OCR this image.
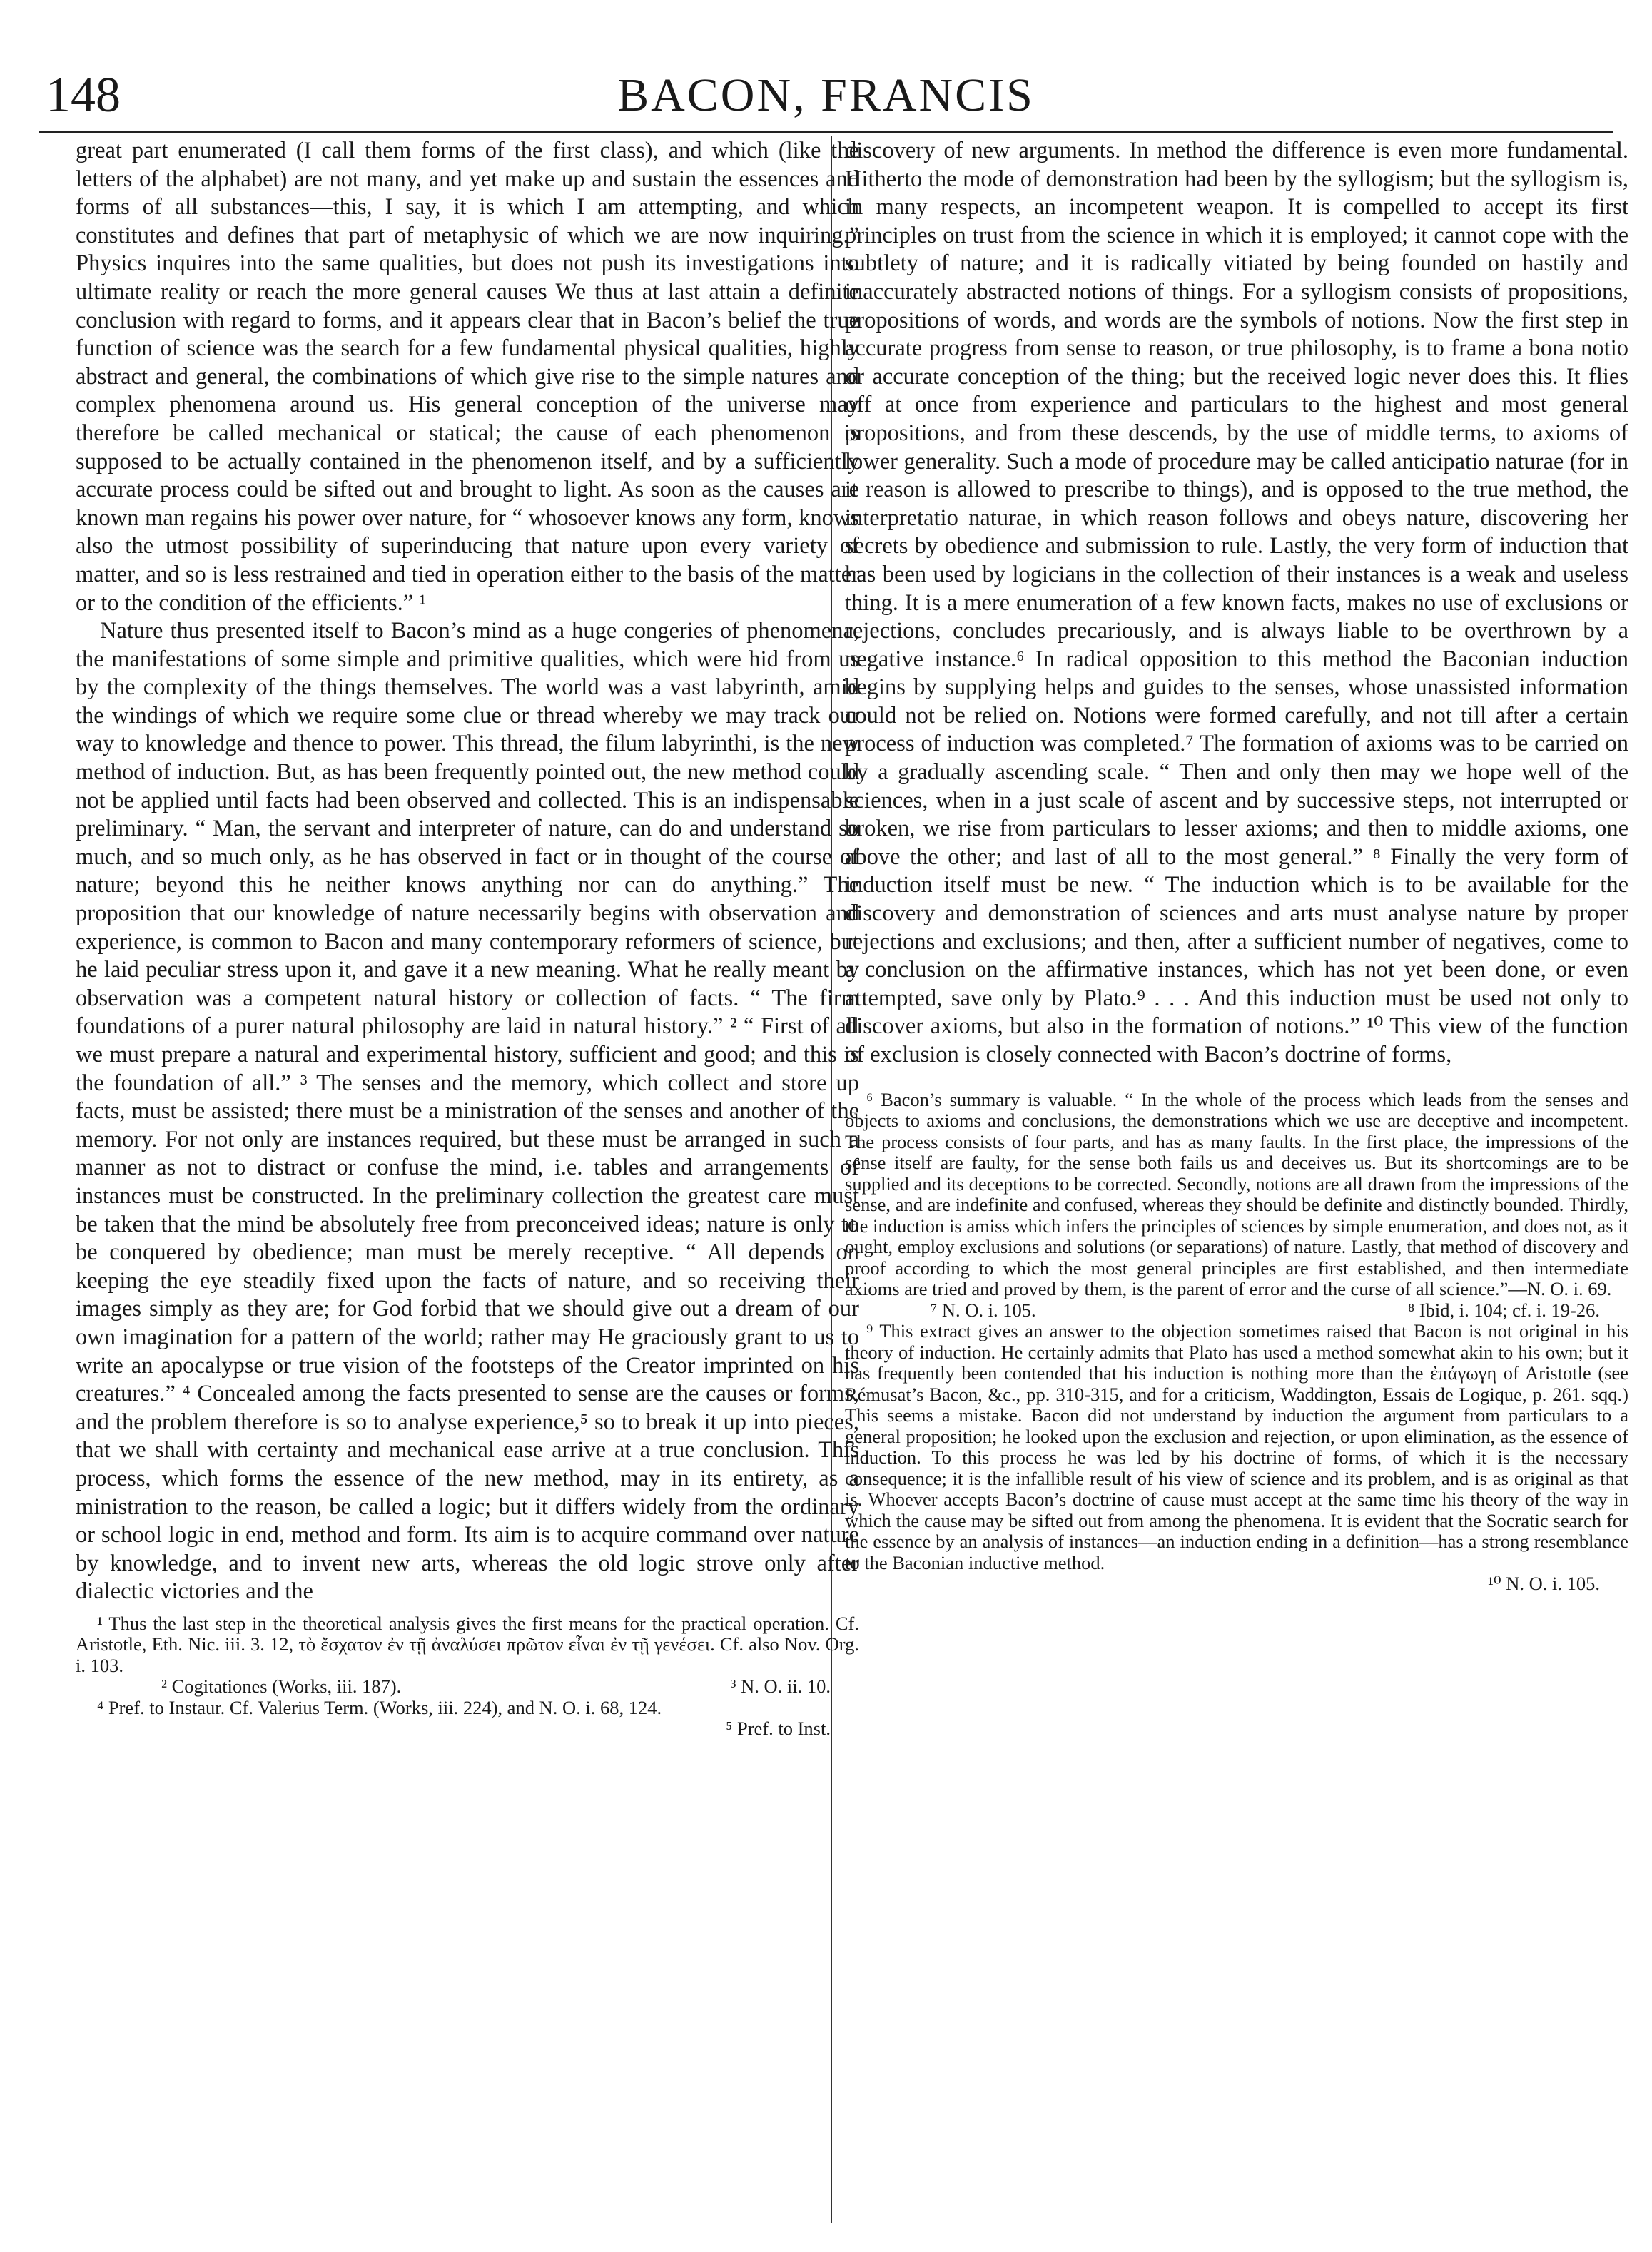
148	BACON, FRANCIS

great part enumerated (I call them forms of the first class), and which (like the letters of the alphabet) are not many, and yet make up and sustain the essences and forms of all substances—this, I say, it is which I am attempting, and which constitutes and defines that part of metaphysic of which we are now inquiring.” Physics inquires into the same qualities, but does not push its investigations into ultimate reality or reach the more general causes We thus at last attain a definite conclusion with regard to forms, and it appears clear that in Bacon’s belief the true function of science was the search for a few fundamental physical qualities, highly abstract and general, the combinations of which give rise to the simple natures and complex phenomena around us. His general conception of the universe may therefore be called mechanical or statical; the cause of each phenomenon is supposed to be actually contained in the phenomenon itself, and by a sufficiently accurate process could be sifted out and brought to light. As soon as the causes are known man regains his power over nature, for “ whosoever knows any form, knows also the utmost possibility of superinducing that nature upon every variety of matter, and so is less restrained and tied in operation either to the basis of the matter or to the condition of the efficients.” ¹

Nature thus presented itself to Bacon’s mind as a huge congeries of phenomena, the manifestations of some simple and primitive qualities, which were hid from us by the complexity of the things themselves. The world was a vast labyrinth, amid the windings of which we require some clue or thread whereby we may track our way to knowledge and thence to power. This thread, the filum labyrinthi, is the new method of induction. But, as has been frequently pointed out, the new method could not be applied until facts had been observed and collected. This is an indispensable preliminary. “ Man, the servant and interpreter of nature, can do and understand so much, and so much only, as he has observed in fact or in thought of the course of nature; beyond this he neither knows anything nor can do anything.” The proposition that our knowledge of nature necessarily begins with observation and experience, is common to Bacon and many contemporary reformers of science, but he laid peculiar stress upon it, and gave it a new meaning. What he really meant by observation was a competent natural history or collection of facts. “ The firm foundations of a purer natural philosophy are laid in natural history.” ² “ First of all we must prepare a natural and experimental history, sufficient and good; and this is the foundation of all.” ³ The senses and the memory, which collect and store up facts, must be assisted; there must be a ministration of the senses and another of the memory. For not only are instances required, but these must be arranged in such a manner as not to distract or confuse the mind, i.e. tables and arrangements of instances must be constructed. In the preliminary collection the greatest care must be taken that the mind be absolutely free from preconceived ideas; nature is only to be conquered by obedience; man must be merely receptive. “ All depends on keeping the eye steadily fixed upon the facts of nature, and so receiving their images simply as they are; for God forbid that we should give out a dream of our own imagination for a pattern of the world; rather may He graciously grant to us to write an apocalypse or true vision of the footsteps of the Creator imprinted on his creatures.” ⁴ Concealed among the facts presented to sense are the causes or forms, and the problem therefore is so to analyse experience,⁵ so to break it up into pieces, that we shall with certainty and mechanical ease arrive at a true conclusion. This process, which forms the essence of the new method, may in its entirety, as a ministration to the reason, be called a logic; but it differs widely from the ordinary or school logic in end, method and form. Its aim is to acquire command over nature by knowledge, and to invent new arts, whereas the old logic strove only after dialectic victories and the

¹ Thus the last step in the theoretical analysis gives the first means for the practical operation. Cf. Aristotle, Eth. Nic. iii. 3. 12, τὸ ἔσχατον ἐν τῇ ἀναλύσει πρῶτον εἶναι ἐν τῇ γενέσει. Cf. also Nov. Org. i. 103.

² Cogitationes (Works, iii. 187).	³ N. O. ii. 10.

⁴ Pref. to Instaur. Cf. Valerius Term. (Works, iii. 224), and N. O. i. 68, 124.

⁵ Pref. to Inst.

discovery of new arguments. In method the difference is even more fundamental. Hitherto the mode of demonstration had been by the syllogism; but the syllogism is, in many respects, an incompetent weapon. It is compelled to accept its first principles on trust from the science in which it is employed; it cannot cope with the subtlety of nature; and it is radically vitiated by being founded on hastily and inaccurately abstracted notions of things. For a syllogism consists of propositions, propositions of words, and words are the symbols of notions. Now the first step in accurate progress from sense to reason, or true philosophy, is to frame a bona notio or accurate conception of the thing; but the received logic never does this. It flies off at once from experience and particulars to the highest and most general propositions, and from these descends, by the use of middle terms, to axioms of lower generality. Such a mode of procedure may be called anticipatio naturae (for in it reason is allowed to prescribe to things), and is opposed to the true method, the interpretatio naturae, in which reason follows and obeys nature, discovering her secrets by obedience and submission to rule. Lastly, the very form of induction that has been used by logicians in the collection of their instances is a weak and useless thing. It is a mere enumeration of a few known facts, makes no use of exclusions or rejections, concludes precariously, and is always liable to be overthrown by a negative instance.⁶ In radical opposition to this method the Baconian induction begins by supplying helps and guides to the senses, whose unassisted information could not be relied on. Notions were formed carefully, and not till after a certain process of induction was completed.⁷ The formation of axioms was to be carried on by a gradually ascending scale. “ Then and only then may we hope well of the sciences, when in a just scale of ascent and by successive steps, not interrupted or broken, we rise from particulars to lesser axioms; and then to middle axioms, one above the other; and last of all to the most general.” ⁸ Finally the very form of induction itself must be new. “ The induction which is to be available for the discovery and demonstration of sciences and arts must analyse nature by proper rejections and exclusions; and then, after a sufficient number of negatives, come to a conclusion on the affirmative instances, which has not yet been done, or even attempted, save only by Plato.⁹ . . . And this induction must be used not only to discover axioms, but also in the formation of notions.” ¹⁰ This view of the function of exclusion is closely connected with Bacon’s doctrine of forms,

⁶ Bacon’s summary is valuable. “ In the whole of the process which leads from the senses and objects to axioms and conclusions, the demonstrations which we use are deceptive and incompetent. The process consists of four parts, and has as many faults. In the first place, the impressions of the sense itself are faulty, for the sense both fails us and deceives us. But its shortcomings are to be supplied and its deceptions to be corrected. Secondly, notions are all drawn from the impressions of the sense, and are indefinite and confused, whereas they should be definite and distinctly bounded. Thirdly, the induction is amiss which infers the principles of sciences by simple enumeration, and does not, as it ought, employ exclusions and solutions (or separations) of nature. Lastly, that method of discovery and proof according to which the most general principles are first established, and then intermediate axioms are tried and proved by them, is the parent of error and the curse of all science.”—N. O. i. 69.

⁷ N. O. i. 105.	⁸ Ibid, i. 104; cf. i. 19-26.

⁹ This extract gives an answer to the objection sometimes raised that Bacon is not original in his theory of induction. He certainly admits that Plato has used a method somewhat akin to his own; but it has frequently been contended that his induction is nothing more than the ἐπάγωγη of Aristotle (see Rémusat’s Bacon, &c., pp. 310-315, and for a criticism, Waddington, Essais de Logique, p. 261. sqq.) This seems a mistake. Bacon did not understand by induction the argument from particulars to a general proposition; he looked upon the exclusion and rejection, or upon elimination, as the essence of induction. To this process he was led by his doctrine of forms, of which it is the necessary consequence; it is the infallible result of his view of science and its problem, and is as original as that is. Whoever accepts Bacon’s doctrine of cause must accept at the same time his theory of the way in which the cause may be sifted out from among the phenomena. It is evident that the Socratic search for the essence by an analysis of instances—an induction ending in a definition—has a strong resemblance to the Baconian inductive method.

¹⁰ N. O. i. 105.
